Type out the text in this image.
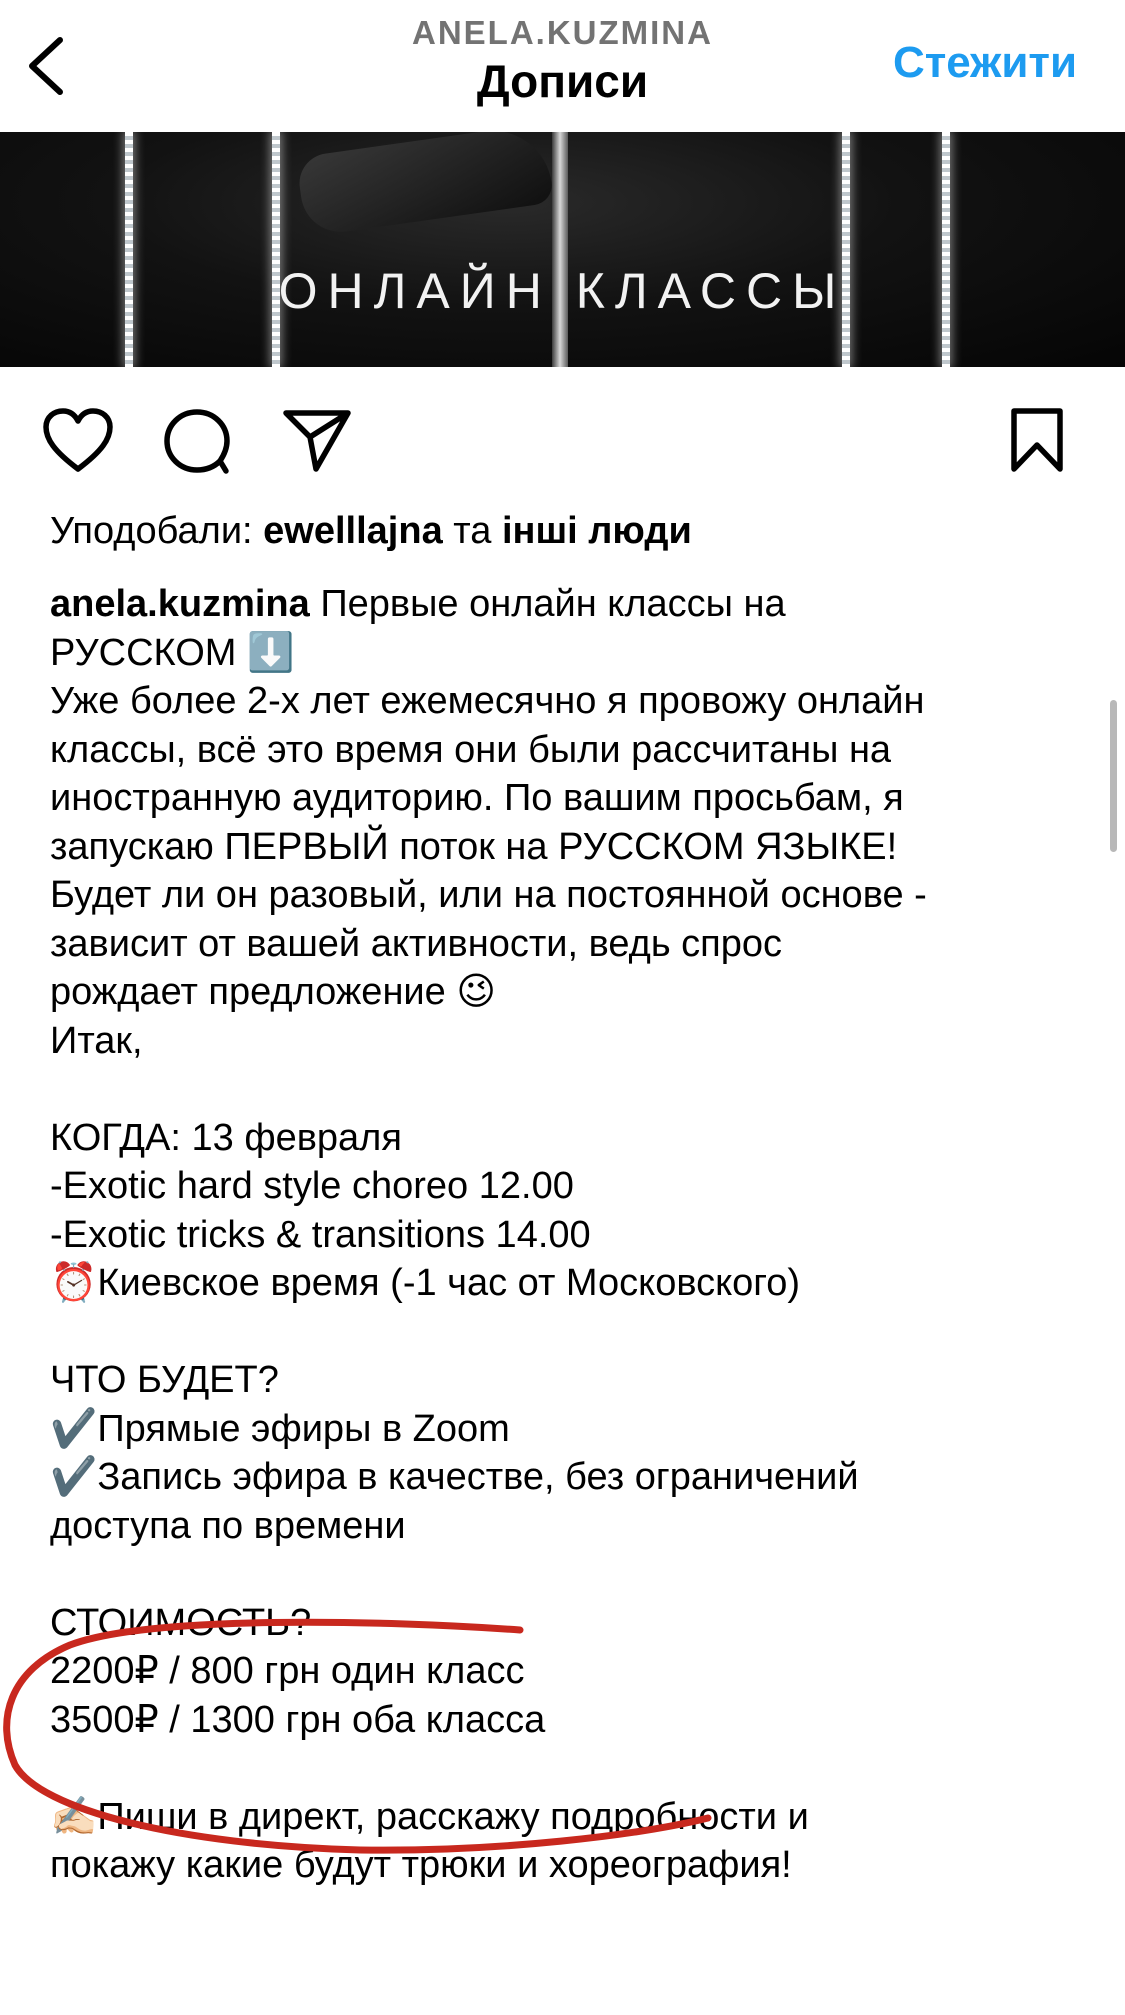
ANELA.KUZMINA
Дописи	Стежити
ОНЛАЙН КЛАССЫ
Уподобали: ewelllajna та інші люди
anela.kuzmina Первые онлайн классы на
РУССКОМ ⬇️
Уже более 2-х лет ежемесячно я провожу онлайн
классы, всё это время они были рассчитаны на
иностранную аудиторию. По вашим просьбам, я
запускаю ПЕРВЫЙ поток на РУССКОМ ЯЗЫКЕ!
Будет ли он разовый, или на постоянной основе -
зависит от вашей активности, ведь спрос
рождает предложение 😉
Итак,
КОГДА: 13 февраля
-Exotic hard style choreo 12.00
-Exotic tricks & transitions 14.00
⏰Киевское время (-1 час от Московского)
ЧТО БУДЕТ?
✔️Прямые эфиры в Zoom
✔️Запись эфира в качестве, без ограничений
доступа по времени
СТОИМОСТЬ?
2200₽ / 800 грн один класс
3500₽ / 1300 грн оба класса
✍🏻Пиши в директ, расскажу подробности и
покажу какие будут трюки и хореография!
